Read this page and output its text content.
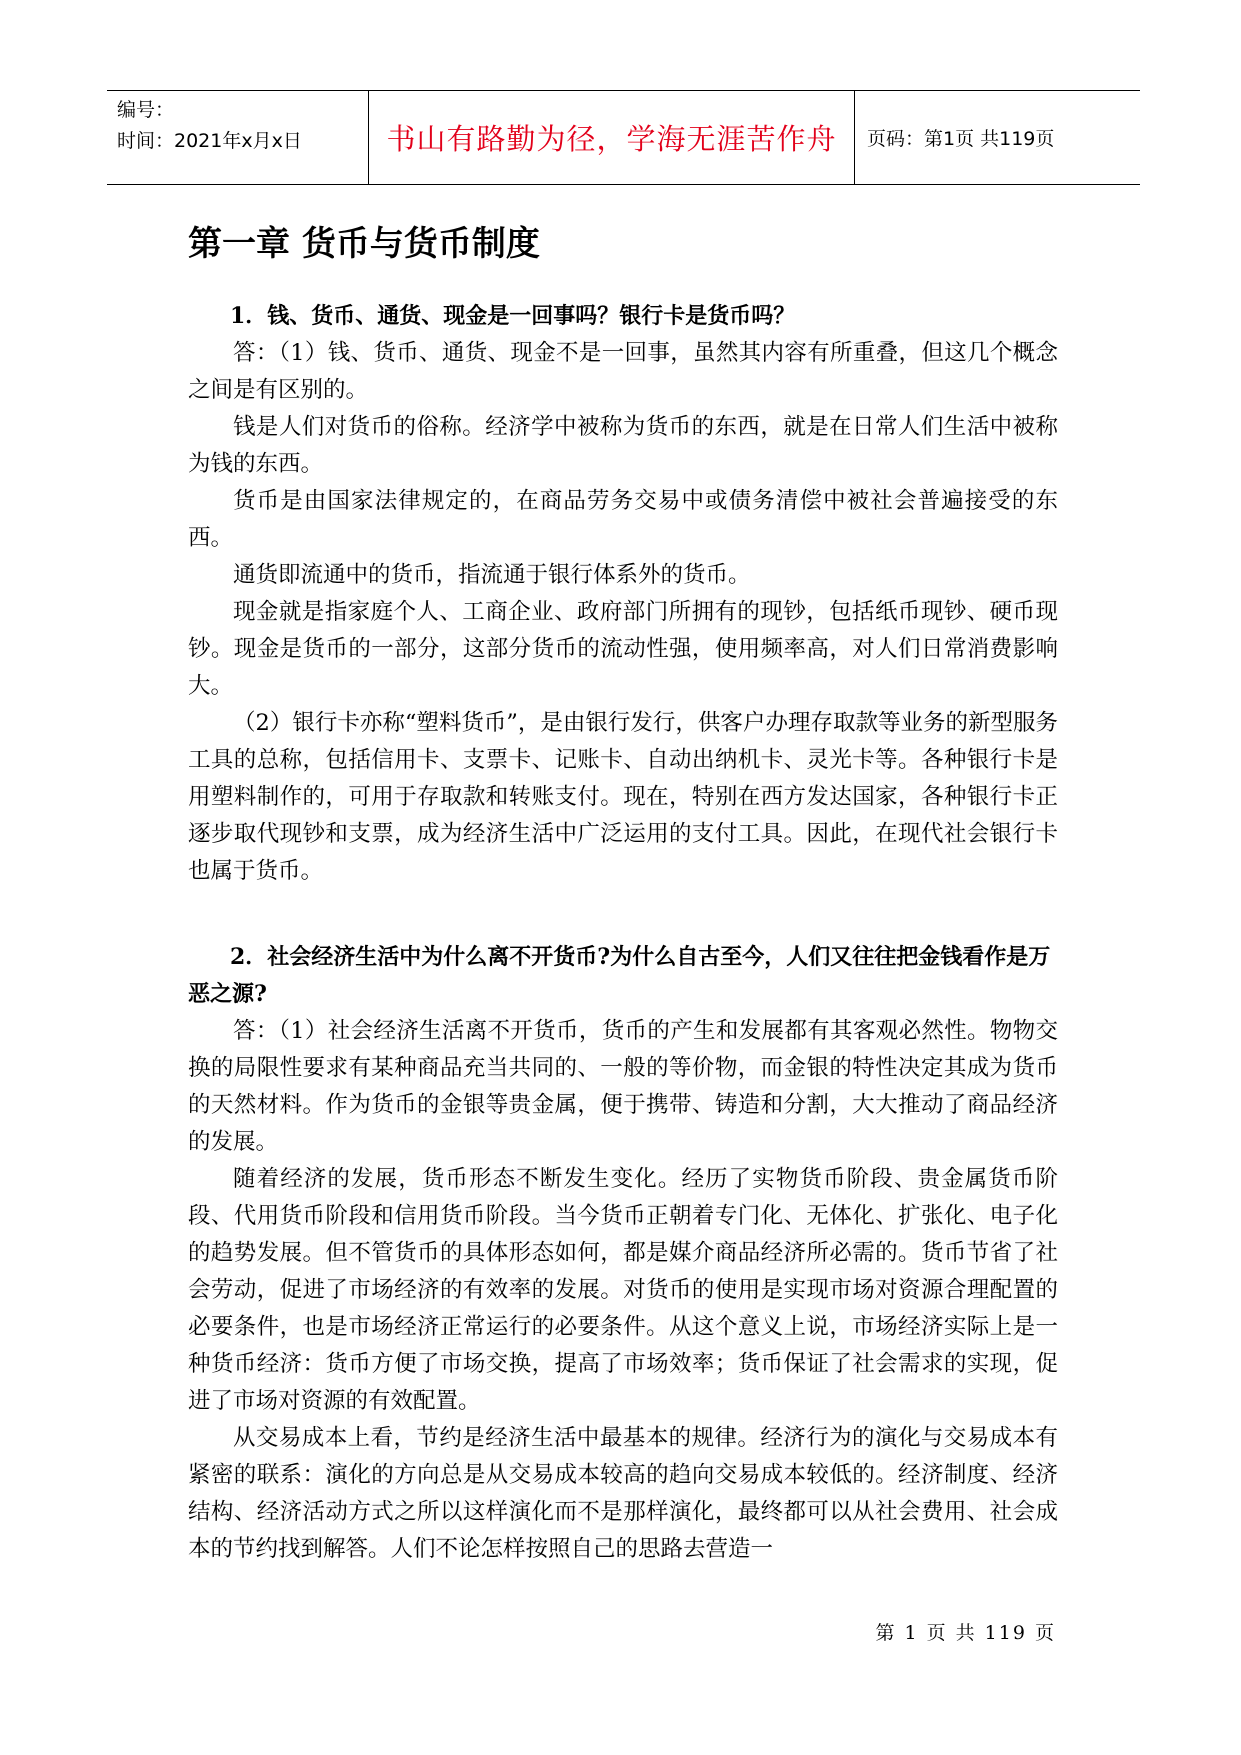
编号：
时间：2021年x月x日	书山有路勤为径，学海无涯苦作舟 页码：第1页 共119页
第一章 货币与货币制度

1．钱、货币、通货、现金是一回事吗？银行卡是货币吗？

答：（1）钱、货币、通货、现金不是一回事，虽然其内容有所重叠，但这几个概念之间是有区别的。

钱是人们对货币的俗称。经济学中被称为货币的东西，就是在日常人们生活中被称为钱的东西。

货币是由国家法律规定的，在商品劳务交易中或债务清偿中被社会普遍接受的东西。

通货即流通中的货币，指流通于银行体系外的货币。

现金就是指家庭个人、工商企业、政府部门所拥有的现钞，包括纸币现钞、硬币现钞。现金是货币的一部分，这部分货币的流动性强，使用频率高，对人们日常消费影响大。

（2）银行卡亦称“塑料货币”，是由银行发行，供客户办理存取款等业务的新型服务工具的总称，包括信用卡、支票卡、记账卡、自动出纳机卡、灵光卡等。各种银行卡是用塑料制作的，可用于存取款和转账支付。现在，特别在西方发达国家，各种银行卡正逐步取代现钞和支票，成为经济生活中广泛运用的支付工具。因此，在现代社会银行卡也属于货币。

2．社会经济生活中为什么离不开货币?为什么自古至今，人们又往往把金钱看作是万恶之源?

答：（1）社会经济生活离不开货币，货币的产生和发展都有其客观必然性。物物交换的局限性要求有某种商品充当共同的、一般的等价物，而金银的特性决定其成为货币的天然材料。作为货币的金银等贵金属，便于携带、铸造和分割，大大推动了商品经济的发展。

随着经济的发展，货币形态不断发生变化。经历了实物货币阶段、贵金属货币阶段、代用货币阶段和信用货币阶段。当今货币正朝着专门化、无体化、扩张化、电子化的趋势发展。但不管货币的具体形态如何，都是媒介商品经济所必需的。货币节省了社会劳动，促进了市场经济的有效率的发展。对货币的使用是实现市场对资源合理配置的必要条件，也是市场经济正常运行的必要条件。从这个意义上说，市场经济实际上是一种货币经济：货币方便了市场交换，提高了市场效率；货币保证了社会需求的实现，促进了市场对资源的有效配置。

从交易成本上看，节约是经济生活中最基本的规律。经济行为的演化与交易成本有紧密的联系：演化的方向总是从交易成本较高的趋向交易成本较低的。经济制度、经济结构、经济活动方式之所以这样演化而不是那样演化，最终都可以从社会费用、社会成本的节约找到解答。人们不论怎样按照自己的思路去营造一

第 1 页 共 119 页
